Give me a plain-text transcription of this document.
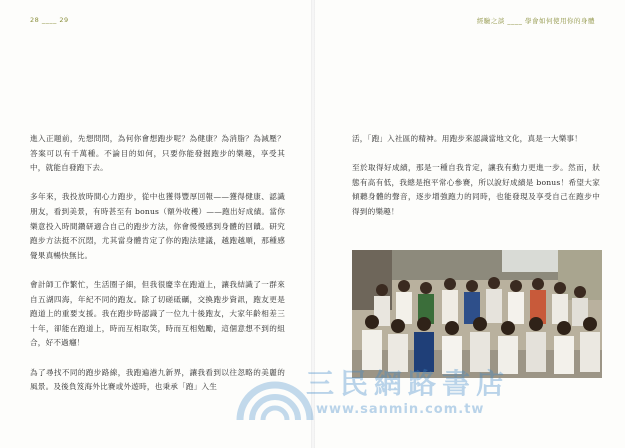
28 ____ 29	經驗之談 ____ 學會如何使用你的身體

進入正題前，先想問問，為何你會想跑步呢？為健康？為消脂？為減壓？答案可以有千萬種。不論目的如何，只要你能發掘跑步的樂趣，享受其中，就能自發跑下去。

多年來，我投放時間心力跑步，從中也獲得豐厚回報——獲得健康、認識朋友，看到美景，有時甚至有 bonus（額外收穫）——跑出好成績。當你樂意投入時間鑽研適合自己的跑步方法，你會慢慢感到身體的回饋。研究跑步方法挺不沉悶，尤其當身體肯定了你的跑法建議，越跑越順，那種感覺果真暢快無比。

會計師工作繁忙，生活圈子細，但我很慶幸在跑道上，讓我結識了一群來自五湖四海，年紀不同的跑友。除了切磋砥礪，交換跑步資訊，跑友更是跑道上的重要支援。我在跑步時認識了一位九十後跑友，大家年齡相差三十年，卻能在跑道上，時而互相取笑，時而互相勉勵，這個意想不到的組合，好不過癮！

為了尋找不同的跑步路線，我跑遍港九新界，讓我看到以往忽略的美麗的風景。及後負笈海外比賽或外遊時，也秉承「跑」入生

活，「跑」入社區的精神。用跑步來認識當地文化，真是一大樂事！

至於取得好成績，那是一種自我肯定，讓我有動力更進一步。然而，狀態有高有低，我總是抱平常心參賽，所以說好成績是 bonus！希望大家傾聽身體的聲音，逐步增強跑力的同時，也能發現及享受自己在跑步中得到的樂趣！

三民網路書店
www.sanmin.com.tw
